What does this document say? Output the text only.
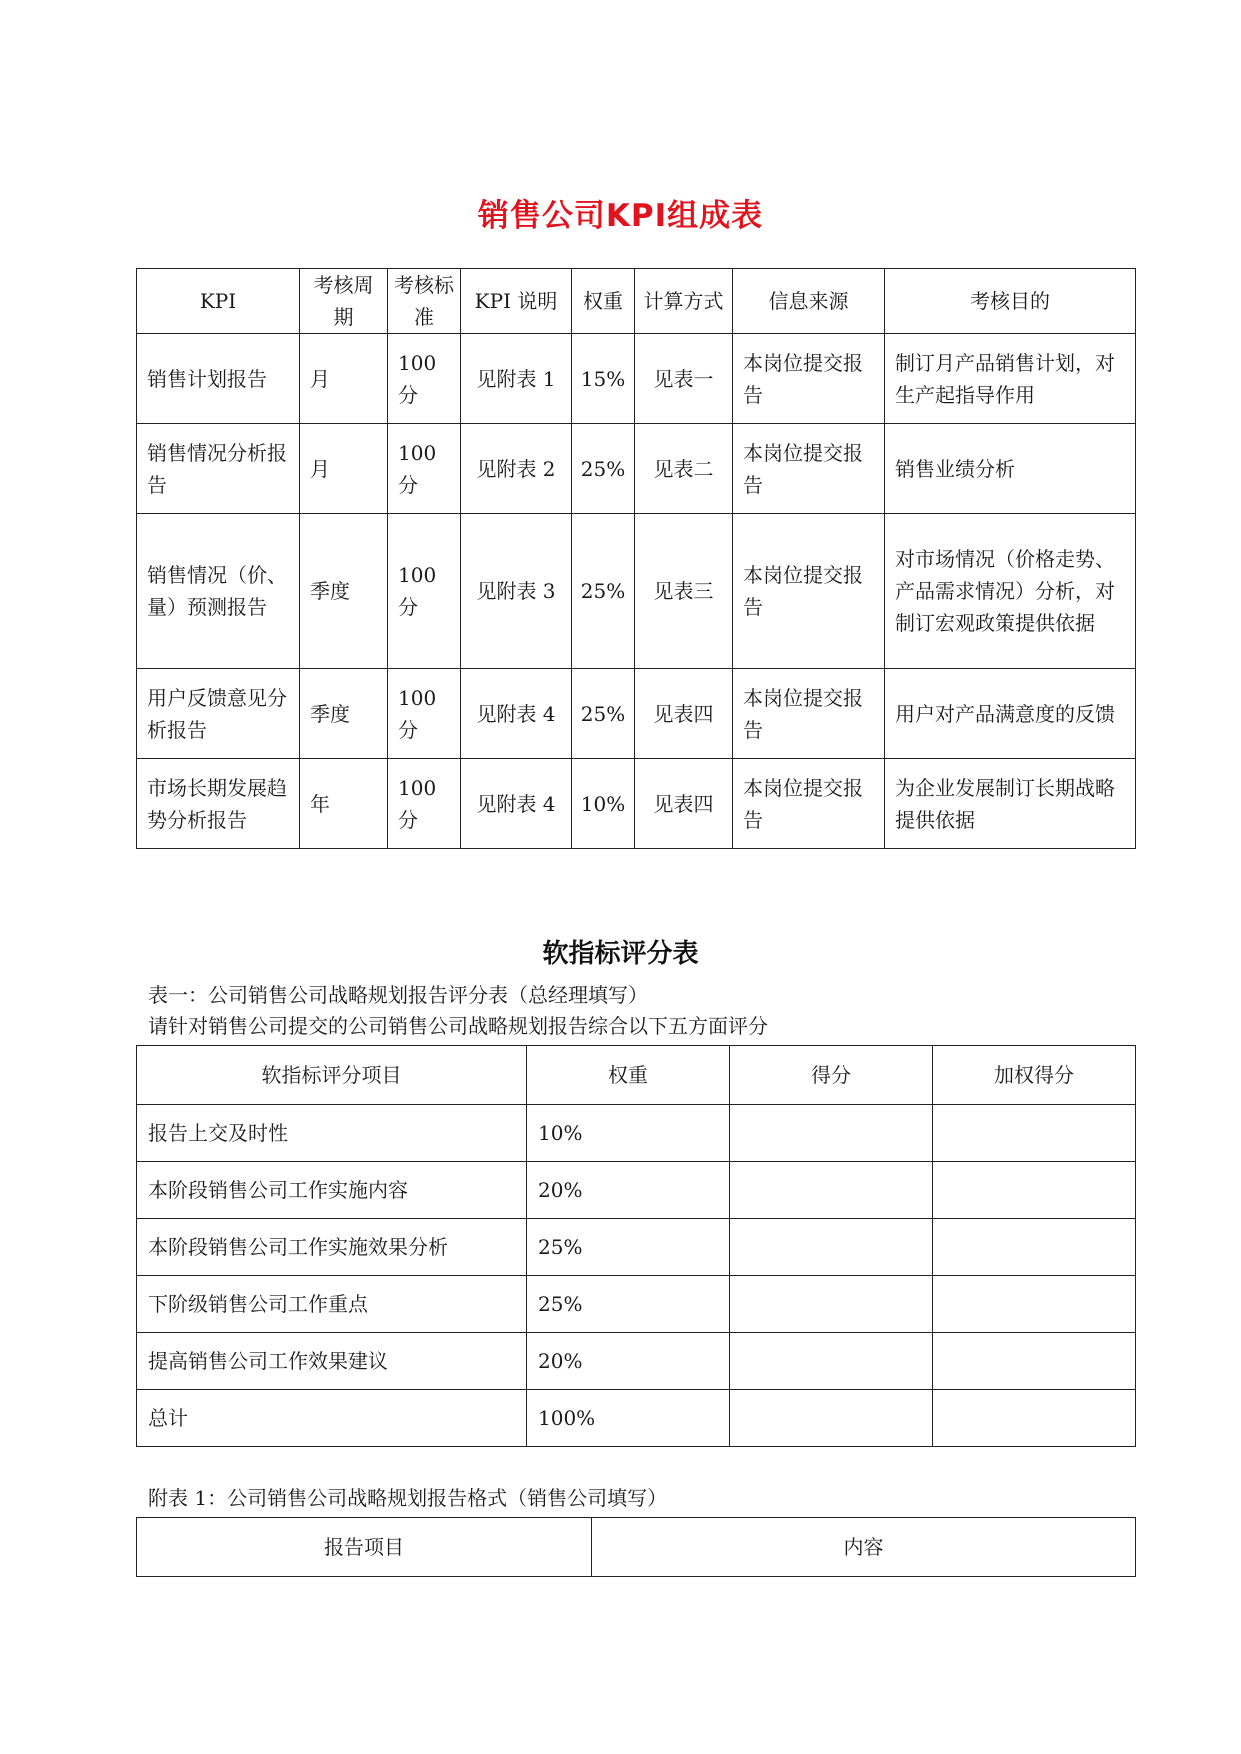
销售公司KPI组成表
KPI	考核周期	考核标准	KPI 说明	权重	计算方式	信息来源	考核目的
销售计划报告	月	100分	见附表 1	15%	见表一	本岗位提交报告	制订月产品销售计划，对生产起指导作用
销售情况分析报告	月	100分	见附表 2	25%	见表二	本岗位提交报告	销售业绩分析
销售情况（价、量）预测报告	季度	100分	见附表 3	25%	见表三	本岗位提交报告	对市场情况（价格走势、产品需求情况）分析，对制订宏观政策提供依据
用户反馈意见分析报告	季度	100分	见附表 4	25%	见表四	本岗位提交报告	用户对产品满意度的反馈
市场长期发展趋势分析报告	年	100分	见附表 4	10%	见表四	本岗位提交报告	为企业发展制订长期战略提供依据
软指标评分表
表一：公司销售公司战略规划报告评分表（总经理填写）
请针对销售公司提交的公司销售公司战略规划报告综合以下五方面评分
软指标评分项目	权重	得分	加权得分
报告上交及时性	10%		
本阶段销售公司工作实施内容	20%		
本阶段销售公司工作实施效果分析	25%		
下阶级销售公司工作重点	25%		
提高销售公司工作效果建议	20%		
总计	100%		
附表 1：公司销售公司战略规划报告格式（销售公司填写）
报告项目	内容
